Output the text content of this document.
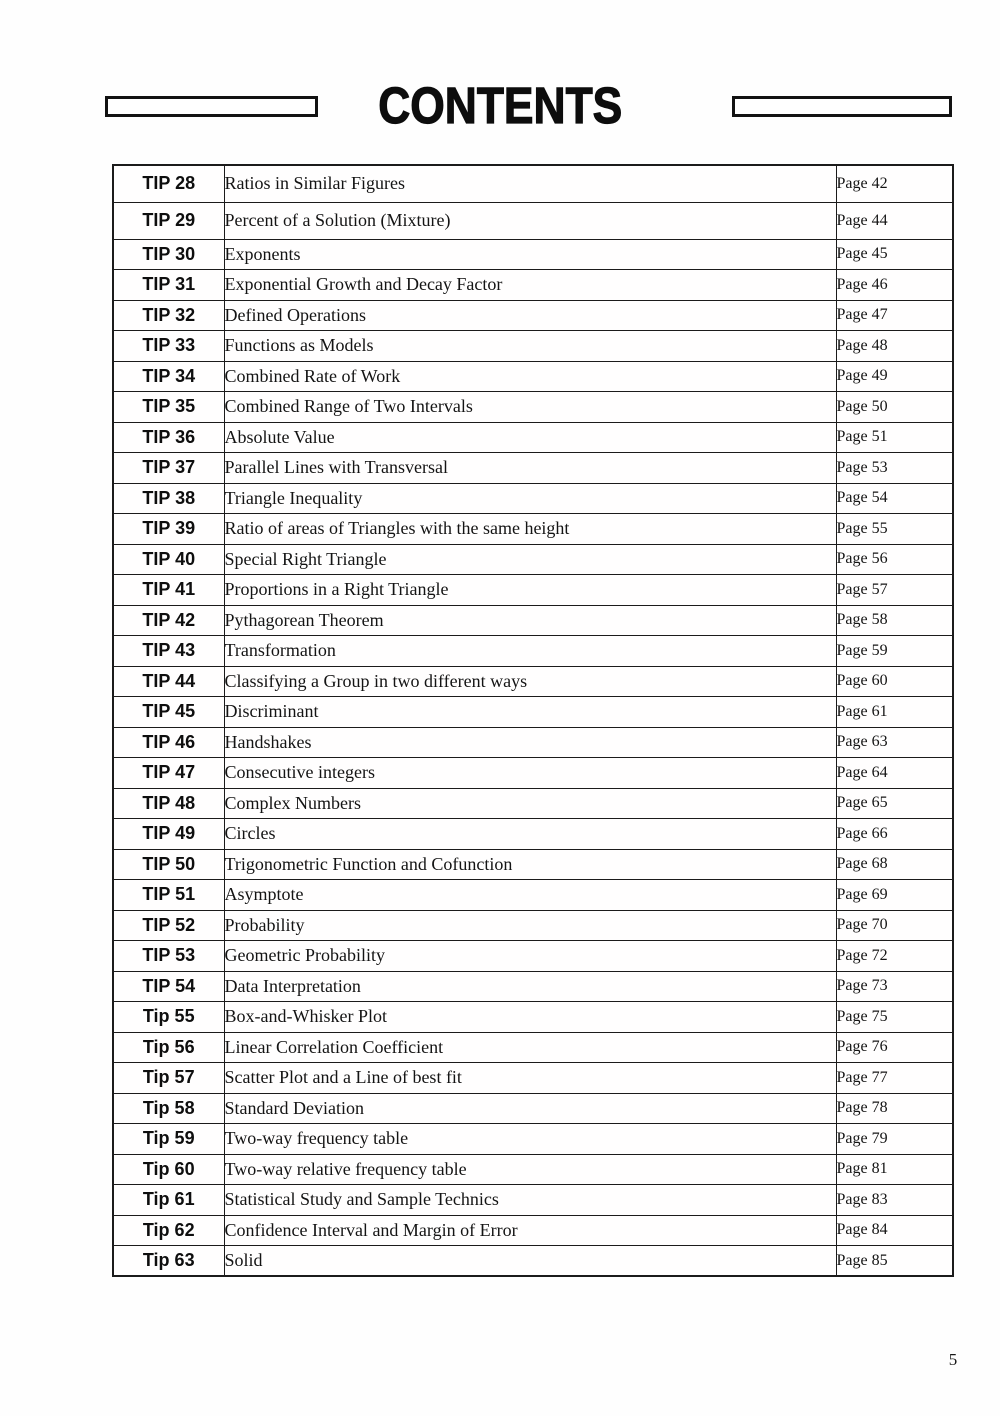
CONTENTS
TIP 28	Ratios in Similar Figures	Page 42
TIP 29	Percent of a Solution (Mixture)	Page 44
TIP 30	Exponents	Page 45
TIP 31	Exponential Growth and Decay Factor	Page 46
TIP 32	Defined Operations	Page 47
TIP 33	Functions as Models	Page 48
TIP 34	Combined Rate of Work	Page 49
TIP 35	Combined Range of Two Intervals	Page 50
TIP 36	Absolute Value	Page 51
TIP 37	Parallel Lines with Transversal	Page 53
TIP 38	Triangle Inequality	Page 54
TIP 39	Ratio of areas of Triangles with the same height	Page 55
TIP 40	Special Right Triangle	Page 56
TIP 41	Proportions in a Right Triangle	Page 57
TIP 42	Pythagorean Theorem	Page 58
TIP 43	Transformation	Page 59
TIP 44	Classifying a Group in two different ways	Page 60
TIP 45	Discriminant	Page 61
TIP 46	Handshakes	Page 63
TIP 47	Consecutive integers	Page 64
TIP 48	Complex Numbers	Page 65
TIP 49	Circles	Page 66
TIP 50	Trigonometric Function and Cofunction	Page 68
TIP 51	Asymptote	Page 69
TIP 52	Probability	Page 70
TIP 53	Geometric Probability	Page 72
TIP 54	Data Interpretation	Page 73
Tip 55	Box-and-Whisker Plot	Page 75
Tip 56	Linear Correlation Coefficient	Page 76
Tip 57	Scatter Plot and a Line of best fit	Page 77
Tip 58	Standard Deviation	Page 78
Tip 59	Two-way frequency table	Page 79
Tip 60	Two-way relative frequency table	Page 81
Tip 61	Statistical Study and Sample Technics	Page 83
Tip 62	Confidence Interval and Margin of Error	Page 84
Tip 63	Solid	Page 85
5
